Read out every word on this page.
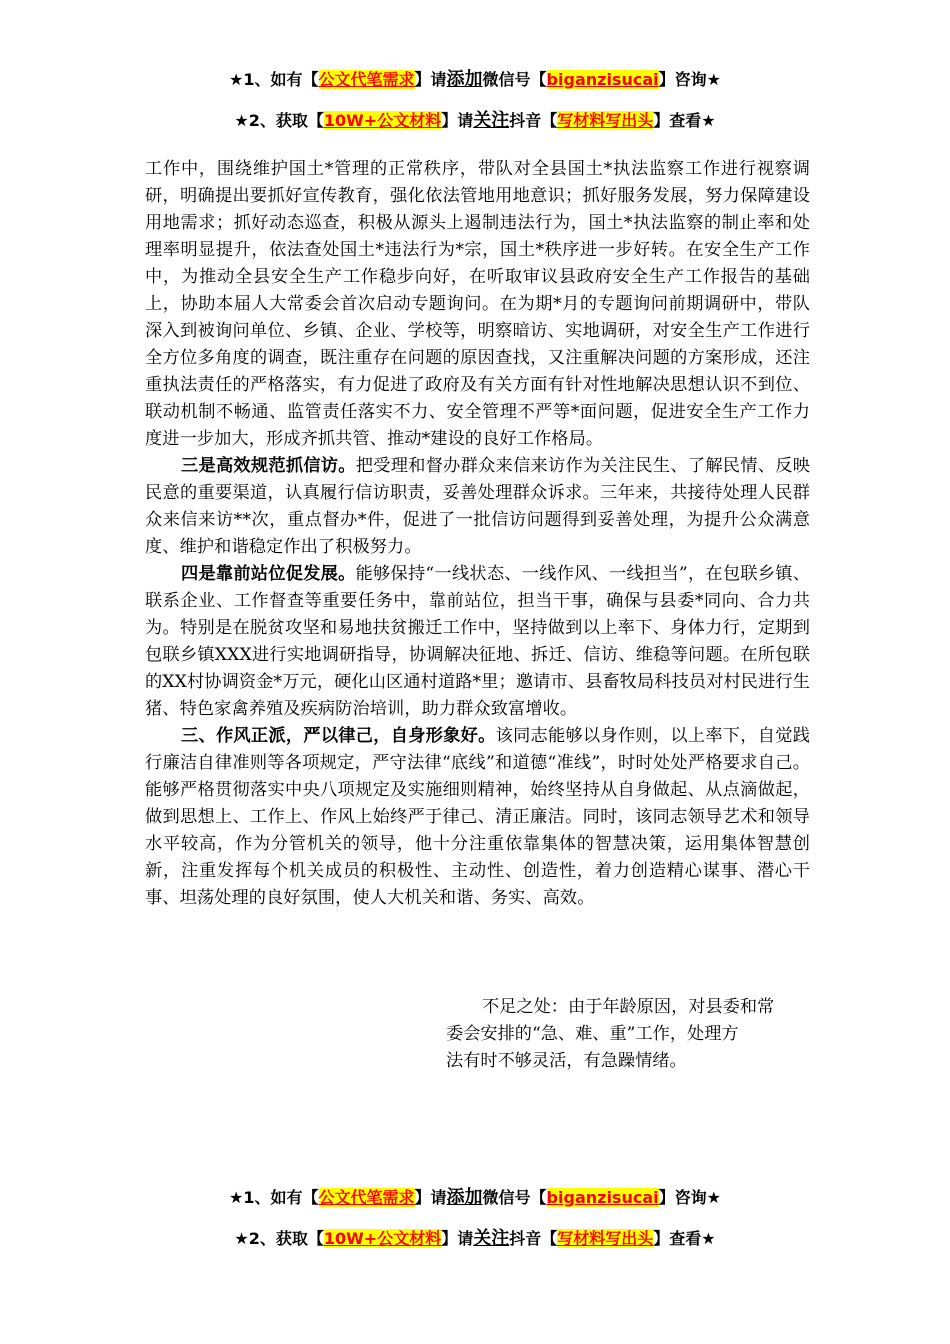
★1、如有【公文代笔需求】请添加微信号【biganzisucai】咨询★
★2、获取【10W+公文材料】请关注抖音【写材料写出头】查看★

工作中，围绕维护国土*管理的正常秩序，带队对全县国土*执法监察工作进行视察调研，明确提出要抓好宣传教育，强化依法管地用地意识；抓好服务发展，努力保障建设用地需求；抓好动态巡查，积极从源头上遏制违法行为，国土*执法监察的制止率和处理率明显提升，依法查处国土*违法行为*宗，国土*秩序进一步好转。在安全生产工作中，为推动全县安全生产工作稳步向好，在听取审议县政府安全生产工作报告的基础上，协助本届人大常委会首次启动专题询问。在为期*月的专题询问前期调研中，带队深入到被询问单位、乡镇、企业、学校等，明察暗访、实地调研，对安全生产工作进行全方位多角度的调查，既注重存在问题的原因查找，又注重解决问题的方案形成，还注重执法责任的严格落实，有力促进了政府及有关方面有针对性地解决思想认识不到位、联动机制不畅通、监管责任落实不力、安全管理不严等*面问题，促进安全生产工作力度进一步加大，形成齐抓共管、推动*建设的良好工作格局。

三是高效规范抓信访。把受理和督办群众来信来访作为关注民生、了解民情、反映民意的重要渠道，认真履行信访职责，妥善处理群众诉求。三年来，共接待处理人民群众来信来访**次，重点督办*件，促进了一批信访问题得到妥善处理，为提升公众满意度、维护和谐稳定作出了积极努力。

四是靠前站位促发展。能够保持“一线状态、一线作风、一线担当”，在包联乡镇、联系企业、工作督查等重要任务中，靠前站位，担当干事，确保与县委*同向、合力共为。特别是在脱贫攻坚和易地扶贫搬迁工作中，坚持做到以上率下、身体力行，定期到包联乡镇XXX进行实地调研指导，协调解决征地、拆迁、信访、维稳等问题。在所包联的XX村协调资金*万元，硬化山区通村道路*里；邀请市、县畜牧局科技员对村民进行生猪、特色家禽养殖及疾病防治培训，助力群众致富增收。

三、作风正派，严以律己，自身形象好。该同志能够以身作则，以上率下，自觉践行廉洁自律准则等各项规定，严守法律“底线”和道德“准线”，时时处处严格要求自己。能够严格贯彻落实中央八项规定及实施细则精神，始终坚持从自身做起、从点滴做起，做到思想上、工作上、作风上始终严于律己、清正廉洁。同时，该同志领导艺术和领导水平较高，作为分管机关的领导，他十分注重依靠集体的智慧决策，运用集体智慧创新，注重发挥每个机关成员的积极性、主动性、创造性，着力创造精心谋事、潜心干事、坦荡处理的良好氛围，使人大机关和谐、务实、高效。

不足之处：由于年龄原因，对县委和常

委会安排的“急、难、重”工作，处理方

法有时不够灵活，有急躁情绪。

★1、如有【公文代笔需求】请添加微信号【biganzisucai】咨询★
★2、获取【10W+公文材料】请关注抖音【写材料写出头】查看★
